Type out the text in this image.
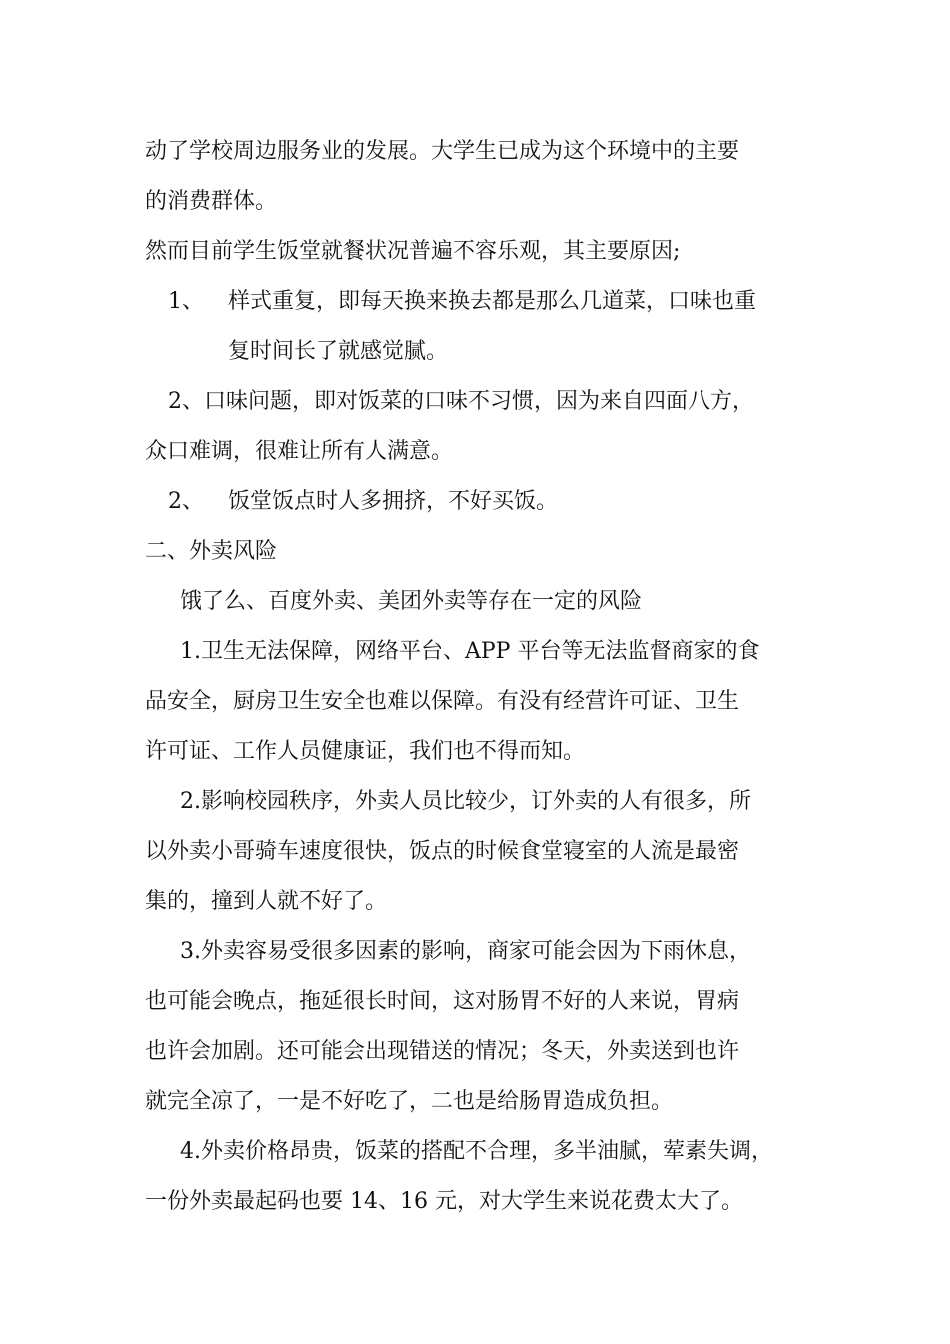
动了学校周边服务业的发展。大学生已成为这个环境中的主要
的消费群体。
然而目前学生饭堂就餐状况普遍不容乐观，其主要原因;
1、 样式重复，即每天换来换去都是那么几道菜，口味也重
复时间长了就感觉腻。
2、口味问题，即对饭菜的口味不习惯，因为来自四面八方，
众口难调，很难让所有人满意。
2、 饭堂饭点时人多拥挤，不好买饭。
二、外卖风险
饿了么、百度外卖、美团外卖等存在一定的风险
1.卫生无法保障，网络平台、APP 平台等无法监督商家的食
品安全，厨房卫生安全也难以保障。有没有经营许可证、卫生
许可证、工作人员健康证，我们也不得而知。
2.影响校园秩序，外卖人员比较少，订外卖的人有很多，所
以外卖小哥骑车速度很快，饭点的时候食堂寝室的人流是最密
集的，撞到人就不好了。
3.外卖容易受很多因素的影响，商家可能会因为下雨休息，
也可能会晚点，拖延很长时间，这对肠胃不好的人来说，胃病
也许会加剧。还可能会出现错送的情况；冬天，外卖送到也许
就完全凉了，一是不好吃了，二也是给肠胃造成负担。
4.外卖价格昂贵，饭菜的搭配不合理，多半油腻，荤素失调，
一份外卖最起码也要 14、16 元，对大学生来说花费太大了。
